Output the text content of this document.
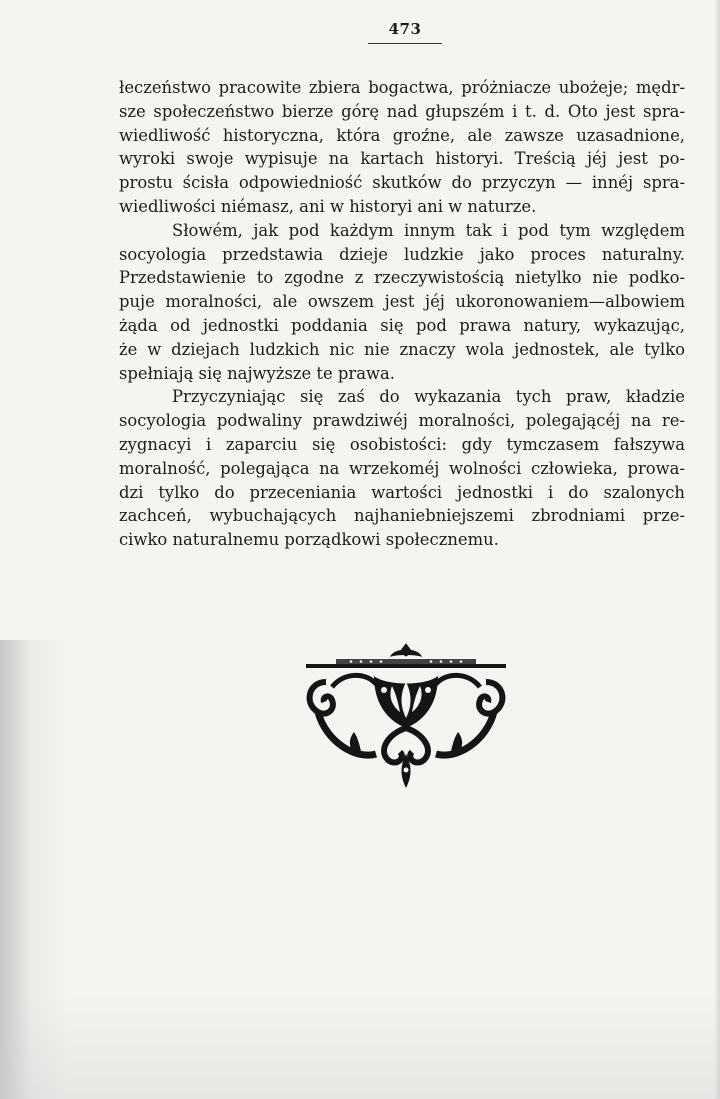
473
łeczeństwo pracowite zbiera bogactwa, próżniacze ubożeje; mędr-
sze społeczeństwo bierze górę nad głupszém i t. d. Oto jest spra-
wiedliwość historyczna, która groźne, ale zawsze uzasadnione,
wyroki swoje wypisuje na kartach historyi. Treścią jéj jest po-
prostu ścisła odpowiedniość skutków do przyczyn — innéj spra-
wiedliwości niémasz, ani w historyi ani w naturze.
Słowém, jak pod każdym innym tak i pod tym względem
socyologia przedstawia dzieje ludzkie jako proces naturalny.
Przedstawienie to zgodne z rzeczywistością nietylko nie podko-
puje moralności, ale owszem jest jéj ukoronowaniem—albowiem
żąda od jednostki poddania się pod prawa natury, wykazując,
że w dziejach ludzkich nic nie znaczy wola jednostek, ale tylko
spełniają się najwyższe te prawa.
Przyczyniając się zaś do wykazania tych praw, kładzie
socyologia podwaliny prawdziwéj moralności, polegającéj na re-
zygnacyi i zaparciu się osobistości: gdy tymczasem fałszywa
moralność, polegająca na wrzekoméj wolności człowieka, prowa-
dzi tylko do przeceniania wartości jednostki i do szalonych
zachceń, wybuchających najhaniebniejszemi zbrodniami prze-
ciwko naturalnemu porządkowi społecznemu.
